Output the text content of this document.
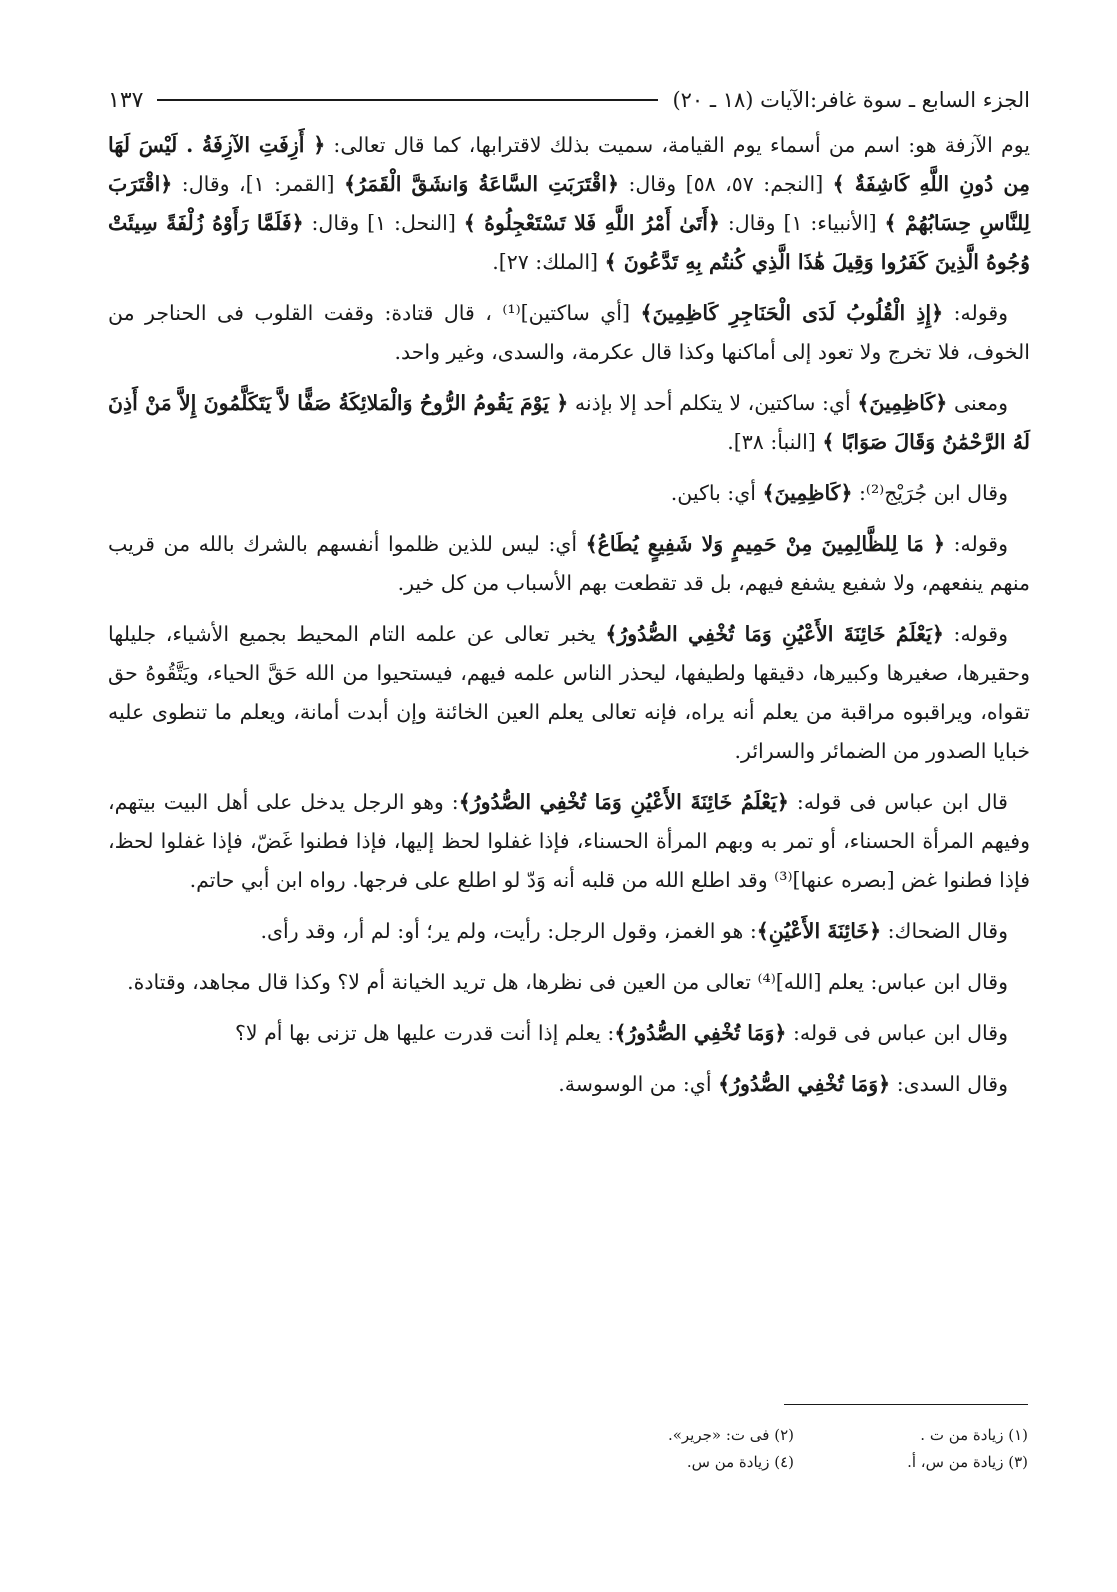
الجزء السابع ـ سوة غافر:الآيات (١٨ ـ ٢٠)
١٣٧

يوم الآزفة هو: اسم من أسماء يوم القيامة، سميت بذلك لاقترابها، كما قال تعالى: ﴿ أَزِفَتِ الآزِفَةُ . لَيْسَ لَهَا مِن دُونِ اللَّهِ كَاشِفَةٌ ﴾ [النجم: ٥٧، ٥٨] وقال: ﴿اقْتَرَبَتِ السَّاعَةُ وَانشَقَّ الْقَمَرُ﴾ [القمر: ١]، وقال: ﴿اقْتَرَبَ لِلنَّاسِ حِسَابُهُمْ ﴾ [الأنبياء: ١] وقال: ﴿أَتَىٰ أَمْرُ اللَّهِ فَلا تَسْتَعْجِلُوهُ ﴾ [النحل: ١] وقال: ﴿فَلَمَّا رَأَوْهُ زُلْفَةً سِيئَتْ وُجُوهُ الَّذِينَ كَفَرُوا وَقِيلَ هَٰذَا الَّذِي كُنتُم بِهِ تَدَّعُونَ ﴾ [الملك: ٢٧].

وقوله: ﴿إِذِ الْقُلُوبُ لَدَى الْحَنَاجِرِ كَاظِمِينَ﴾ [أي ساكتين]⁽¹⁾ ، قال قتادة: وقفت القلوب فى الحناجر من الخوف، فلا تخرج ولا تعود إلى أماكنها وكذا قال عكرمة، والسدى، وغير واحد.

ومعنى ﴿كَاظِمِينَ﴾ أي: ساكتين، لا يتكلم أحد إلا بإذنه ﴿ يَوْمَ يَقُومُ الرُّوحُ وَالْمَلائِكَةُ صَفًّا لاَّ يَتَكَلَّمُونَ إِلاَّ مَنْ أَذِنَ لَهُ الرَّحْمَٰنُ وَقَالَ صَوَابًا ﴾ [النبأ: ٣٨].

وقال ابن جُرَيْج⁽²⁾: ﴿كَاظِمِينَ﴾ أي: باكين.

وقوله: ﴿ مَا لِلظَّالِمِينَ مِنْ حَمِيمٍ وَلا شَفِيعٍ يُطَاعُ﴾ أي: ليس للذين ظلموا أنفسهم بالشرك بالله من قريب منهم ينفعهم، ولا شفيع يشفع فيهم، بل قد تقطعت بهم الأسباب من كل خير.

وقوله: ﴿يَعْلَمُ خَائِنَةَ الأَعْيُنِ وَمَا تُخْفِي الصُّدُورُ﴾ يخبر تعالى عن علمه التام المحيط بجميع الأشياء، جليلها وحقيرها، صغيرها وكبيرها، دقيقها ولطيفها، ليحذر الناس علمه فيهم، فيستحيوا من الله حَقَّ الحياء، ويَتَّقُوهُ حق تقواه، ويراقبوه مراقبة من يعلم أنه يراه، فإنه تعالى يعلم العين الخائنة وإن أبدت أمانة، ويعلم ما تنطوى عليه خبايا الصدور من الضمائر والسرائر.

قال ابن عباس فى قوله: ﴿يَعْلَمُ خَائِنَةَ الأَعْيُنِ وَمَا تُخْفِي الصُّدُورُ﴾: وهو الرجل يدخل على أهل البيت بيتهم، وفيهم المرأة الحسناء، أو تمر به وبهم المرأة الحسناء، فإذا غفلوا لحظ إليها، فإذا فطنوا غَضّ، فإذا غفلوا لحظ، فإذا فطنوا غض [بصره عنها]⁽³⁾ وقد اطلع الله من قلبه أنه وَدّ لو اطلع على فرجها. رواه ابن أبي حاتم.

وقال الضحاك: ﴿خَائِنَةَ الأَعْيُنِ﴾: هو الغمز، وقول الرجل: رأيت، ولم ير؛ أو: لم أر، وقد رأى.

وقال ابن عباس: يعلم [الله]⁽⁴⁾ تعالى من العين فى نظرها، هل تريد الخيانة أم لا؟ وكذا قال مجاهد، وقتادة.

وقال ابن عباس فى قوله: ﴿وَمَا تُخْفِي الصُّدُورُ﴾: يعلم إذا أنت قدرت عليها هل تزنى بها أم لا؟

وقال السدى: ﴿وَمَا تُخْفِي الصُّدُورُ﴾ أي: من الوسوسة.

(١) زيادة من ت .
(٢) فى ت: «جرير».
(٣) زيادة من س، أ.
(٤) زيادة من س.
